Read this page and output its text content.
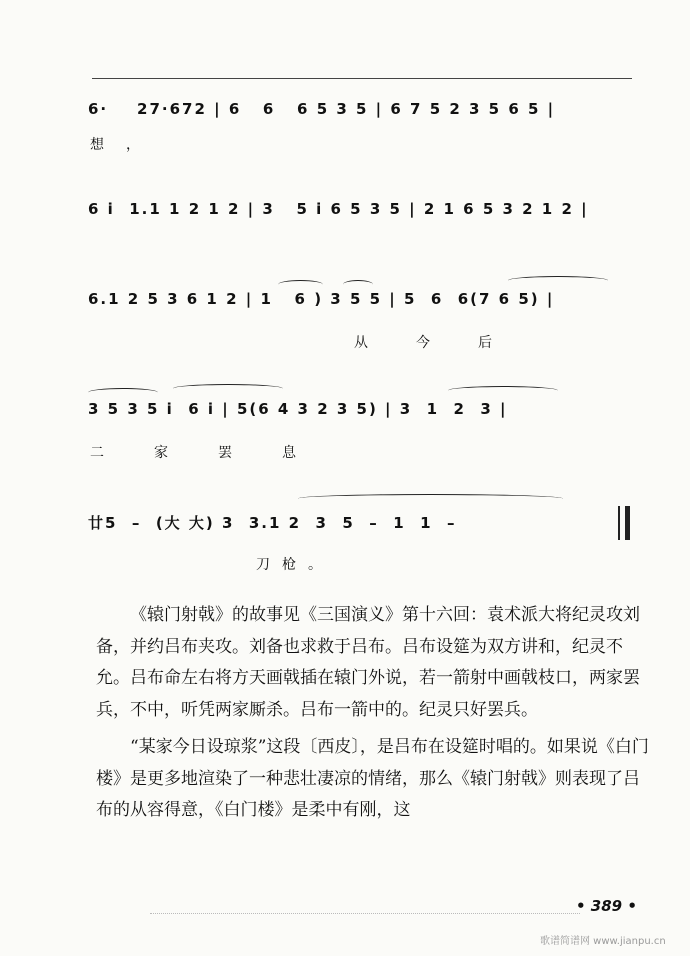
6·    27·672 | 6   6   6 5 3 5 | 6 7 5 2 3 5 6 5 |
想，
6 i  1.1 1 2 1 2 | 3   5 i 6 5 3 5 | 2 1 6 5 3 2 1 2 |
6.1 2 5 3 6 1 2 | 1   6 ) 3 5 5 | 5  6  6(7 6 5) |
从今后
3 5 3 5 i  6 i | 5(6 4 3 2 3 5) | 3  1  2  3 |
二家罢息
廿5  –  (大 大) 3  3.1 2  3  5  –  1  1  –
刀枪。

《辕门射戟》的故事见《三国演义》第十六回：袁术派大将纪灵攻刘备，并约吕布夹攻。刘备也求救于吕布。吕布设筵为双方讲和，纪灵不允。吕布命左右将方天画戟插在辕门外说，若一箭射中画戟枝口，两家罢兵，不中，听凭两家厮杀。吕布一箭中的。纪灵只好罢兵。

“某家今日设琼浆”这段〔西皮〕，是吕布在设筵时唱的。如果说《白门楼》是更多地渲染了一种悲壮凄凉的情绪，那么《辕门射戟》则表现了吕布的从容得意，《白门楼》是柔中有刚，这

• 389 •
歌谱简谱网 www.jianpu.cn
